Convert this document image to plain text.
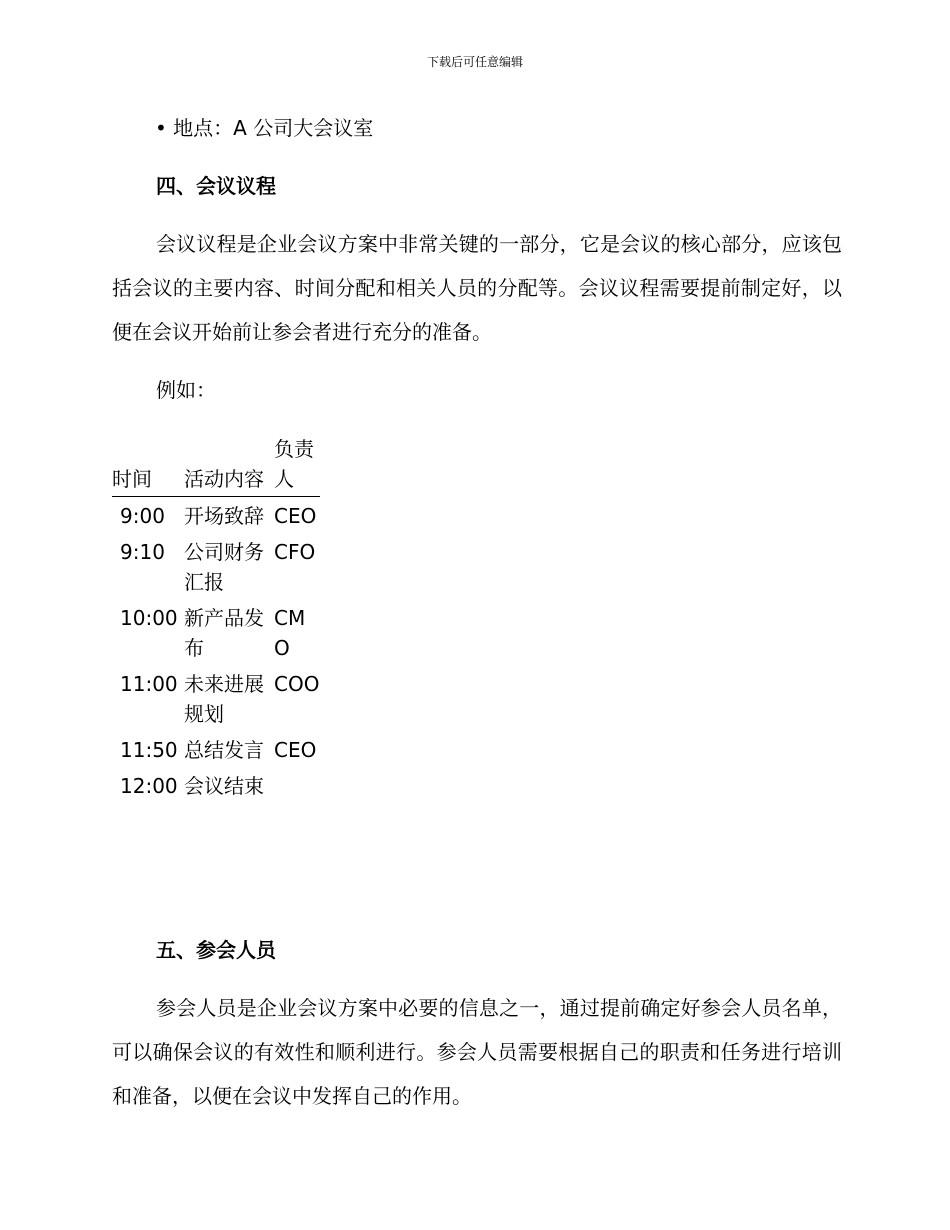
下载后可任意编辑
• 地点：A 公司大会议室
四、会议议程
会议议程是企业会议方案中非常关键的一部分，它是会议的核心部分，应该包括会议的主要内容、时间分配和相关人员的分配等。会议议程需要提前制定好，以便在会议开始前让参会者进行充分的准备。
例如：
时间	活动内容	负责人
9:00	开场致辞	CEO
9:10	公司财务汇报	CFO
10:00	新产品发布	CMO
11:00	未来进展规划	COO
11:50	总结发言	CEO
12:00	会议结束	
五、参会人员
参会人员是企业会议方案中必要的信息之一，通过提前确定好参会人员名单，可以确保会议的有效性和顺利进行。参会人员需要根据自己的职责和任务进行培训和准备，以便在会议中发挥自己的作用。
